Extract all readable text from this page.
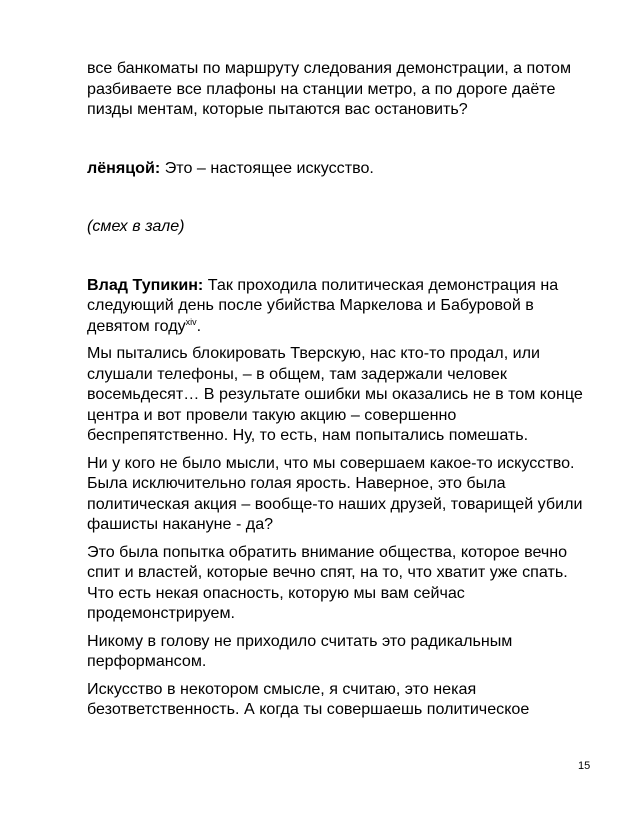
все банкоматы по маршруту следования демонстрации, а потом разбиваете все плафоны на станции метро, а по дороге даёте пизды ментам, которые пытаются вас остановить?

лёняцой: Это – настоящее искусство.

(смех в зале)

Влад Тупикин: Так проходила политическая демонстрация на следующий день после убийства Маркелова и Бабуровой в девятом году$^{xiv}$.

Мы пытались блокировать Тверскую, нас кто-то продал, или слушали телефоны, – в общем, там задержали человек восемьдесят… В результате ошибки мы оказались не в том конце центра и вот провели такую акцию – совершенно беспрепятственно. Ну, то есть, нам попытались помешать.

Ни у кого не было мысли, что мы совершаем какое-то искусство. Была исключительно голая ярость. Наверное, это была политическая акция – вообще-то наших друзей, товарищей убили фашисты накануне - да?

Это была попытка обратить внимание общества, которое вечно спит и властей, которые вечно спят, на то, что хватит уже спать. Что есть некая опасность, которую мы вам сейчас продемонстрируем.

Никому в голову не приходило считать это радикальным перформансом.

Искусство в некотором смысле, я считаю, это некая безответственность. А когда ты совершаешь политическое

15
